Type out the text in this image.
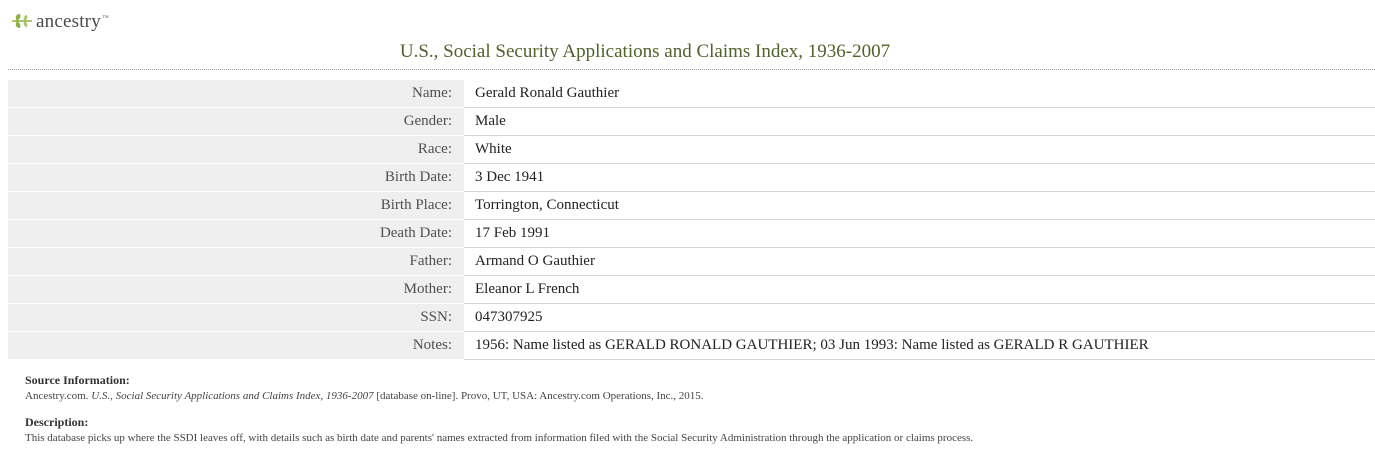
ancestry ™
U.S., Social Security Applications and Claims Index, 1936-2007
Name:	Gerald Ronald Gauthier
Gender:	Male
Race:	White
Birth Date:	3 Dec 1941
Birth Place:	Torrington, Connecticut
Death Date:	17 Feb 1991
Father:	Armand O Gauthier
Mother:	Eleanor L French
SSN:	047307925
Notes:	1956: Name listed as GERALD RONALD GAUTHIER; 03 Jun 1993: Name listed as GERALD R GAUTHIER

Source Information:

Ancestry.com. U.S., Social Security Applications and Claims Index, 1936-2007 [database on-line]. Provo, UT, USA: Ancestry.com Operations, Inc., 2015.

Description:

This database picks up where the SSDI leaves off, with details such as birth date and parents' names extracted from information filed with the Social Security Administration through the application or claims process.
